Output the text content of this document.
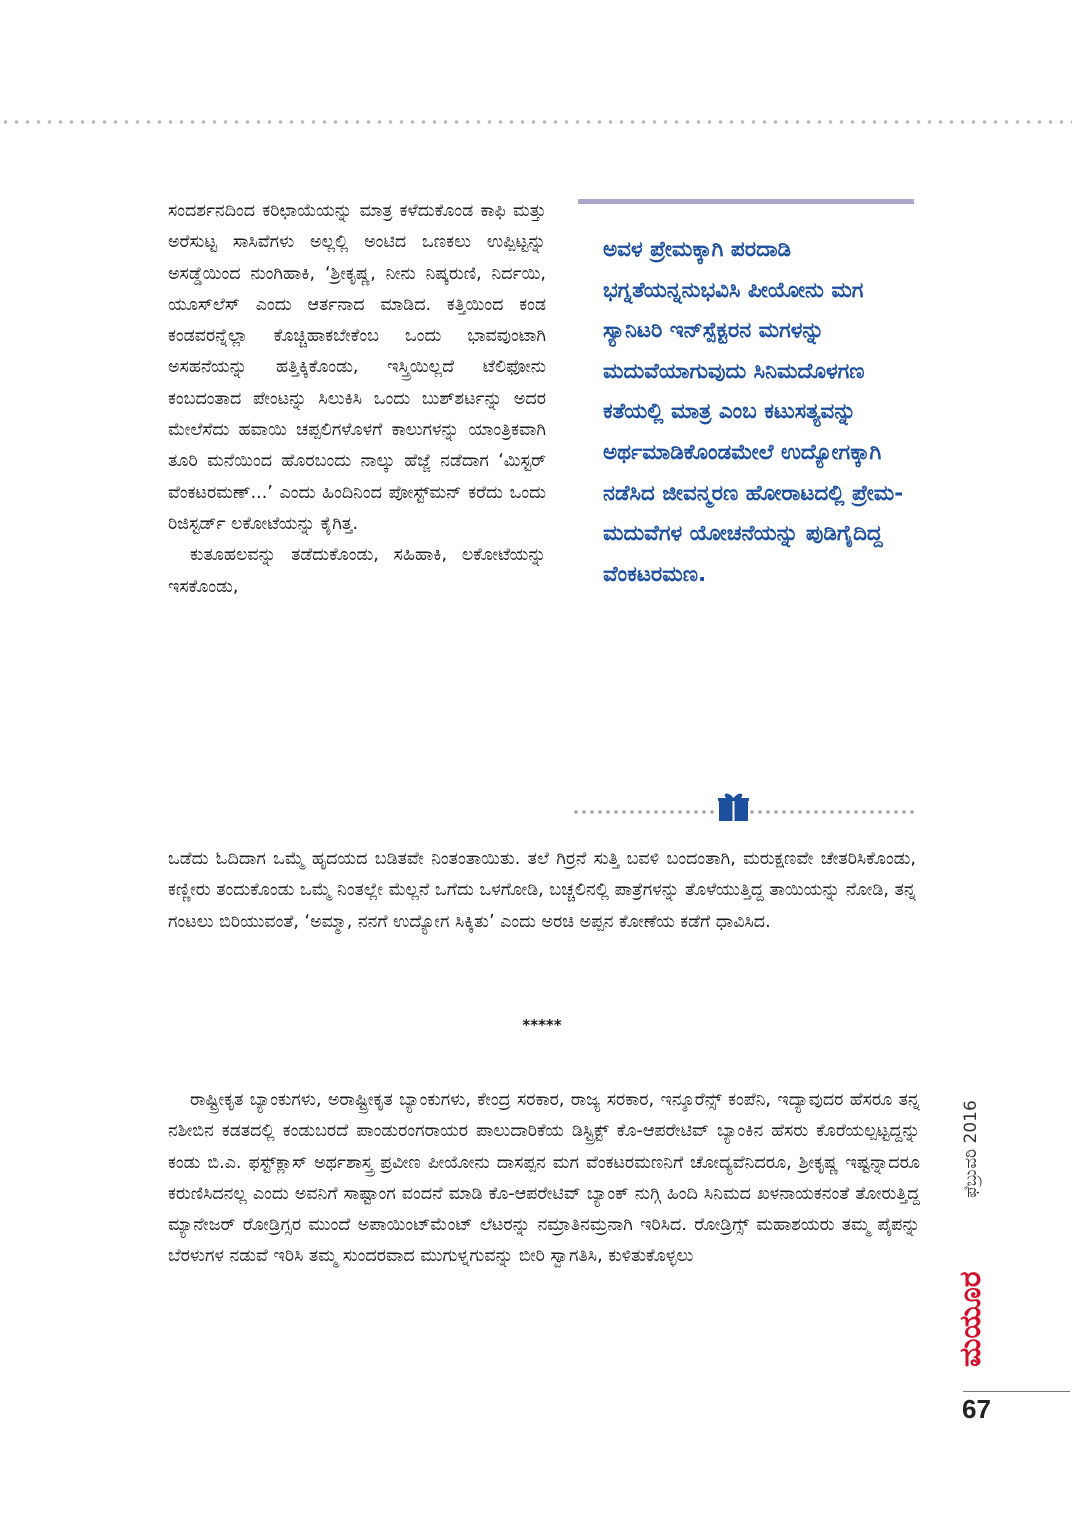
ಸಂದರ್ಶನದಿಂದ ಕರಿಛಾಯೆಯನ್ನು ಮಾತ್ರ ಕಳೆದುಕೊಂಡ ಕಾಫಿ ಮತ್ತು ಅರೆಸುಟ್ಟ ಸಾಸಿವೆಗಳು ಅಲ್ಲಲ್ಲಿ ಅಂಟಿದ ಒಣಕಲು ಉಪ್ಪಿಟ್ಟನ್ನು ಅಸಡ್ಡೆಯಿಂದ ನುಂಗಿಹಾಕಿ, ‘ಶ್ರೀಕೃಷ್ಣ, ನೀನು ನಿಷ್ಕರುಣಿ, ನಿರ್ದಯಿ, ಯೂಸ್‌ಲೆಸ್ ಎಂದು ಆರ್ತನಾದ ಮಾಡಿದ. ಕತ್ತಿಯಿಂದ ಕಂಡ ಕಂಡವರನ್ನೆಲ್ಲಾ ಕೊಚ್ಚಿಹಾಕಬೇಕೆಂಬ ಒಂದು ಭಾವವುಂಟಾಗಿ ಅಸಹನೆಯನ್ನು ಹತ್ತಿಕ್ಕಿಕೊಂಡು, ಇಸ್ತ್ರಿಯಿಲ್ಲದೆ ಟೆಲಿಫೋನು ಕಂಬದಂತಾದ ಪೇಂಟನ್ನು ಸಿಲುಕಿಸಿ ಒಂದು ಬುಶ್‌ಶರ್ಟನ್ನು ಅದರ ಮೇಲೆಸೆದು ಹವಾಯಿ ಚಪ್ಪಲಿಗಳೊಳಗೆ ಕಾಲುಗಳನ್ನು ಯಾಂತ್ರಿಕವಾಗಿ ತೂರಿ ಮನೆಯಿಂದ ಹೊರಬಂದು ನಾಲ್ಕು ಹೆಜ್ಜೆ ನಡೆದಾಗ ‘ಮಿಸ್ಟರ್ ವೆಂಕಟರಮಣ್...’ ಎಂದು ಹಿಂದಿನಿಂದ ಪೋಸ್ಟ್‌ಮನ್ ಕರೆದು ಒಂದು ರಿಜಿಸ್ಟರ್ಡ್ ಲಕೋಟೆಯನ್ನು ಕೈಗಿತ್ತ.

ಕುತೂಹಲವನ್ನು ತಡೆದುಕೊಂಡು, ಸಹಿಹಾಕಿ, ಲಕೋಟೆಯನ್ನು ಇಸಕೊಂಡು,

ಅವಳ ಪ್ರೇಮಕ್ಕಾಗಿ ಪರದಾಡಿ ಭಗ್ನತೆಯನ್ನನುಭವಿಸಿ ಪೀಯೋನು ಮಗ ಸ್ಯಾನಿಟರಿ ಇನ್‌ಸ್ಪೆಕ್ಟರನ ಮಗಳನ್ನು ಮದುವೆಯಾಗುವುದು ಸಿನಿಮದೊಳಗಣ ಕತೆಯಲ್ಲಿ ಮಾತ್ರ ಎಂಬ ಕಟುಸತ್ಯವನ್ನು ಅರ್ಥಮಾಡಿಕೊಂಡಮೇಲೆ ಉದ್ಯೋಗಕ್ಕಾಗಿ ನಡೆಸಿದ ಜೀವನ್ಮರಣ ಹೋರಾಟದಲ್ಲಿ ಪ್ರೇಮ-ಮದುವೆಗಳ ಯೋಚನೆಯನ್ನು ಪುಡಿಗೈದಿದ್ದ ವೆಂಕಟರಮಣ.

ಒಡೆದು ಓದಿದಾಗ ಒಮ್ಮೆ ಹೃದಯದ ಬಡಿತವೇ ನಿಂತಂತಾಯಿತು. ತಲೆ ಗಿರ್ರನೆ ಸುತ್ತಿ ಬವಳಿ ಬಂದಂತಾಗಿ, ಮರುಕ್ಷಣವೇ ಚೇತರಿಸಿಕೊಂಡು, ಕಣ್ಣೀರು ತಂದುಕೊಂಡು ಒಮ್ಮೆ ನಿಂತಲ್ಲೇ ಮೆಲ್ಲನೆ ಒಗೆದು ಒಳಗೋಡಿ, ಬಚ್ಚಲಿನಲ್ಲಿ ಪಾತ್ರೆಗಳನ್ನು ತೊಳೆಯುತ್ತಿದ್ದ ತಾಯಿಯನ್ನು ನೋಡಿ, ತನ್ನ ಗಂಟಲು ಬಿರಿಯುವಂತೆ, ‘ಅಮ್ಮಾ, ನನಗೆ ಉದ್ಯೋಗ ಸಿಕ್ಕಿತು’ ಎಂದು ಅರಚಿ ಅಪ್ಪನ ಕೋಣೆಯ ಕಡೆಗೆ ಧಾವಿಸಿದ.

*****

ರಾಷ್ಟ್ರೀಕೃತ ಬ್ಯಾಂಕುಗಳು, ಅರಾಷ್ಟ್ರೀಕೃತ ಬ್ಯಾಂಕುಗಳು, ಕೇಂದ್ರ ಸರಕಾರ, ರಾಜ್ಯ ಸರಕಾರ, ಇನ್ಶೂರೆನ್ಸ್ ಕಂಪೆನಿ, ಇದ್ಯಾವುದರ ಹೆಸರೂ ತನ್ನ ನಶೀಬಿನ ಕಡತದಲ್ಲಿ ಕಂಡುಬರದೆ ಪಾಂಡುರಂಗರಾಯರ ಪಾಲುದಾರಿಕೆಯ ಡಿಸ್ಟ್ರಿಕ್ಟ್ ಕೊ-ಆಪರೇಟಿವ್ ಬ್ಯಾಂಕಿನ ಹೆಸರು ಕೊರೆಯಲ್ಪಟ್ಟದ್ದನ್ನು ಕಂಡು ಬಿ.ಎ. ಫಸ್ಟ್‌ಕ್ಲಾಸ್ ಅರ್ಥಶಾಸ್ತ್ರ ಪ್ರವೀಣ ಪೀಯೋನು ದಾಸಪ್ಪನ ಮಗ ವೆಂಕಟರಮಣನಿಗೆ ಚೋದ್ಯವೆನಿದರೂ, ಶ್ರೀಕೃಷ್ಣ ಇಷ್ಟನ್ನಾದರೂ ಕರುಣಿಸಿದನಲ್ಲ ಎಂದು ಅವನಿಗೆ ಸಾಷ್ಟಾಂಗ ವಂದನೆ ಮಾಡಿ ಕೊ-ಆಪರೇಟಿವ್ ಬ್ಯಾಂಕ್ ನುಗ್ಗಿ ಹಿಂದಿ ಸಿನಿಮದ ಖಳನಾಯಕನಂತೆ ತೋರುತ್ತಿದ್ದ ಮ್ಯಾನೇಜರ್ ರೋಡ್ರಿಗ್ಸರ ಮುಂದೆ ಅಪಾಯಿಂಟ್‌ಮೆಂಟ್ ಲೆಟರನ್ನು ನಮ್ರಾತಿನಮ್ರನಾಗಿ ಇರಿಸಿದ. ರೋಡ್ರಿಗ್ಸ್ ಮಹಾಶಯರು ತಮ್ಮ ಪೈಪನ್ನು ಬೆರಳುಗಳ ನಡುವೆ ಇರಿಸಿ ತಮ್ಮ ಸುಂದರವಾದ ಮುಗುಳ್ನಗುವನ್ನು ಬೀರಿ ಸ್ವಾಗತಿಸಿ, ಕುಳಿತುಕೊಳ್ಳಲು

ಫೆಬ್ರುವರಿ 2016
ಮಯೂರ
67
